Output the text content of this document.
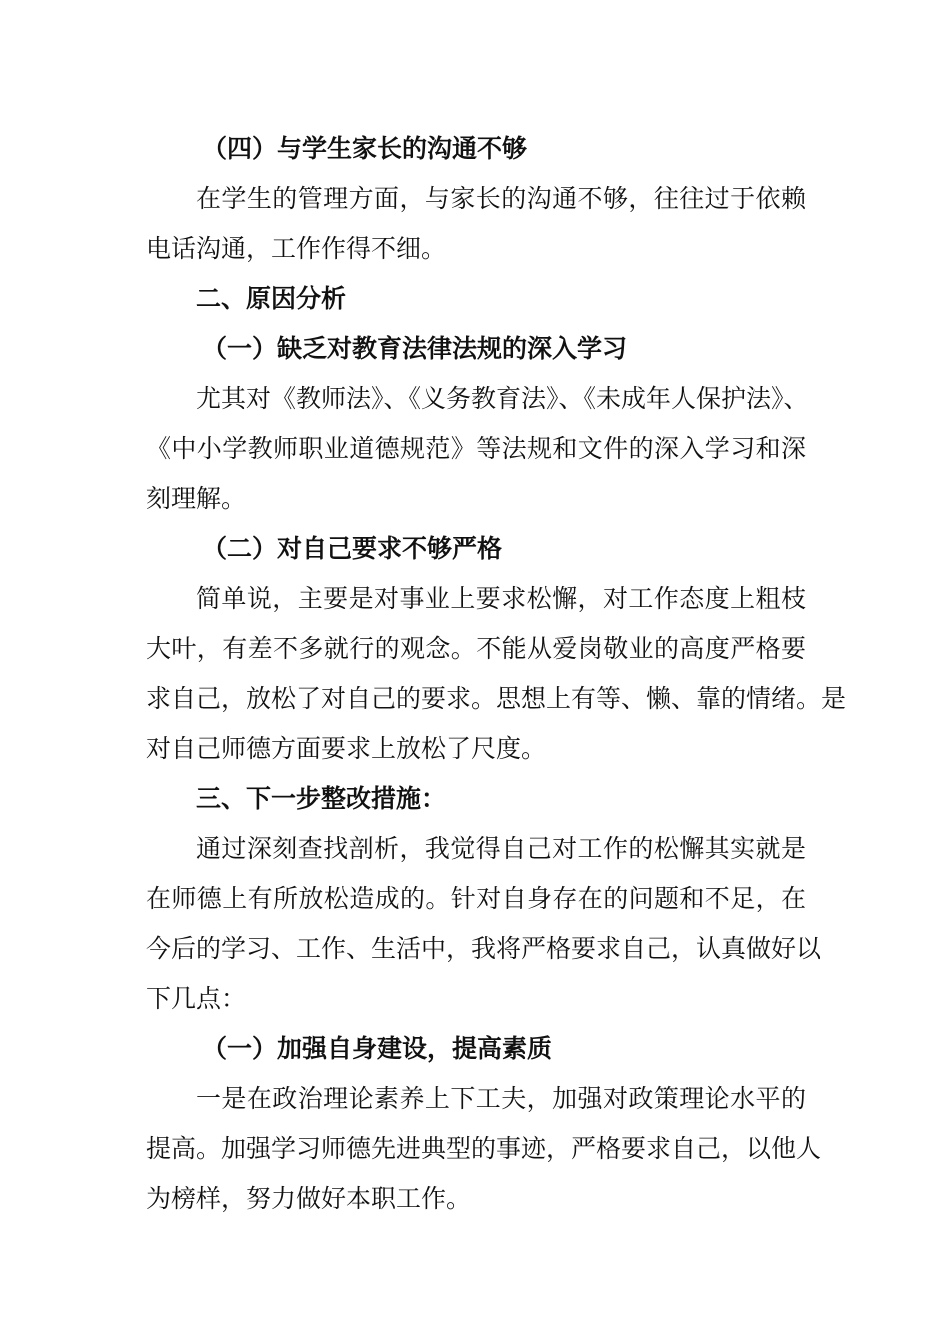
（四）与学生家长的沟通不够
在学生的管理方面，与家长的沟通不够，往往过于依赖
电话沟通，工作作得不细。
二、原因分析
（一）缺乏对教育法律法规的深入学习
尤其对《教师法》、《义务教育法》、《未成年人保护法》、
《中小学教师职业道德规范》等法规和文件的深入学习和深
刻理解。
（二）对自己要求不够严格
简单说，主要是对事业上要求松懈，对工作态度上粗枝
大叶，有差不多就行的观念。不能从爱岗敬业的高度严格要
求自己，放松了对自己的要求。思想上有等、懒、靠的情绪。是
对自己师德方面要求上放松了尺度。
三、下一步整改措施：
通过深刻查找剖析，我觉得自己对工作的松懈其实就是
在师德上有所放松造成的。针对自身存在的问题和不足，在
今后的学习、工作、生活中，我将严格要求自己，认真做好以
下几点：
（一）加强自身建设，提高素质
一是在政治理论素养上下工夫，加强对政策理论水平的
提高。加强学习师德先进典型的事迹，严格要求自己，以他人
为榜样，努力做好本职工作。
